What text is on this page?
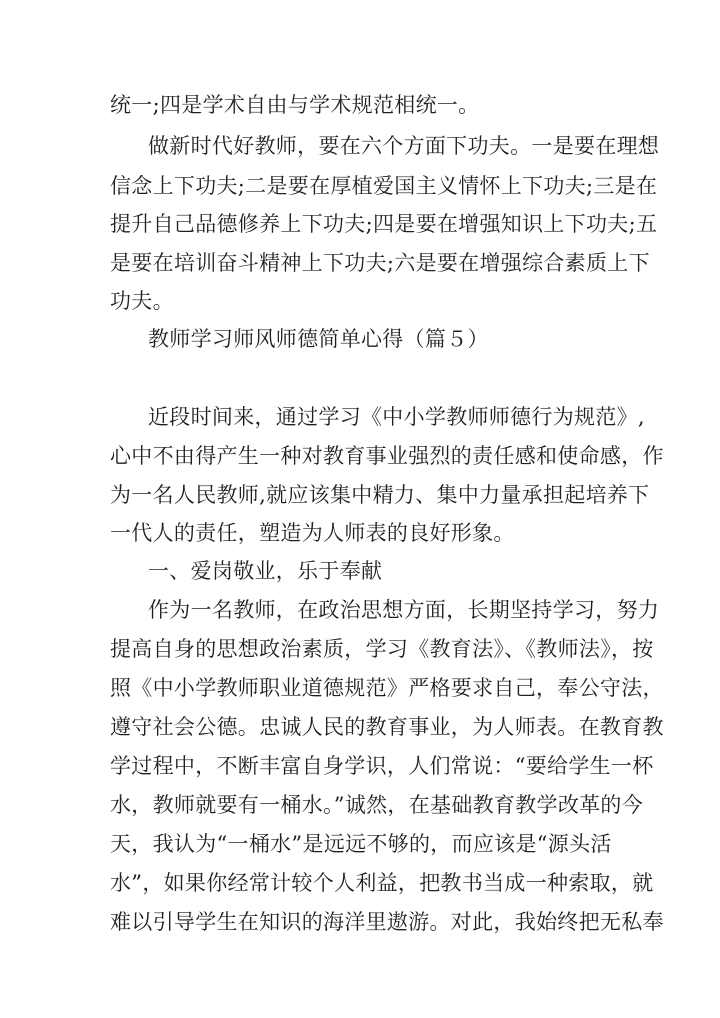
统一;四是学术自由与学术规范相统一。
做新时代好教师，要在六个方面下功夫。一是要在理想
信念上下功夫;二是要在厚植爱国主义情怀上下功夫;三是在
提升自己品德修养上下功夫;四是要在增强知识上下功夫;五
是要在培训奋斗精神上下功夫;六是要在增强综合素质上下
功夫。
教师学习师风师德简单心得（篇５）
近段时间来，通过学习《中小学教师师德行为规范》,
心中不由得产生一种对教育事业强烈的责任感和使命感，作
为一名人民教师,就应该集中精力、集中力量承担起培养下
一代人的责任，塑造为人师表的良好形象。
一、爱岗敬业，乐于奉献
作为一名教师，在政治思想方面，长期坚持学习，努力
提高自身的思想政治素质，学习《教育法》、《教师法》，按
照《中小学教师职业道德规范》严格要求自己，奉公守法，
遵守社会公德。忠诚人民的教育事业，为人师表。在教育教
学过程中，不断丰富自身学识，人们常说：“要给学生一杯
水，教师就要有一桶水。”诚然，在基础教育教学改革的今
天，我认为“一桶水”是远远不够的，而应该是“源头活
水”，如果你经常计较个人利益，把教书当成一种索取，就
难以引导学生在知识的海洋里遨游。对此，我始终把无私奉
